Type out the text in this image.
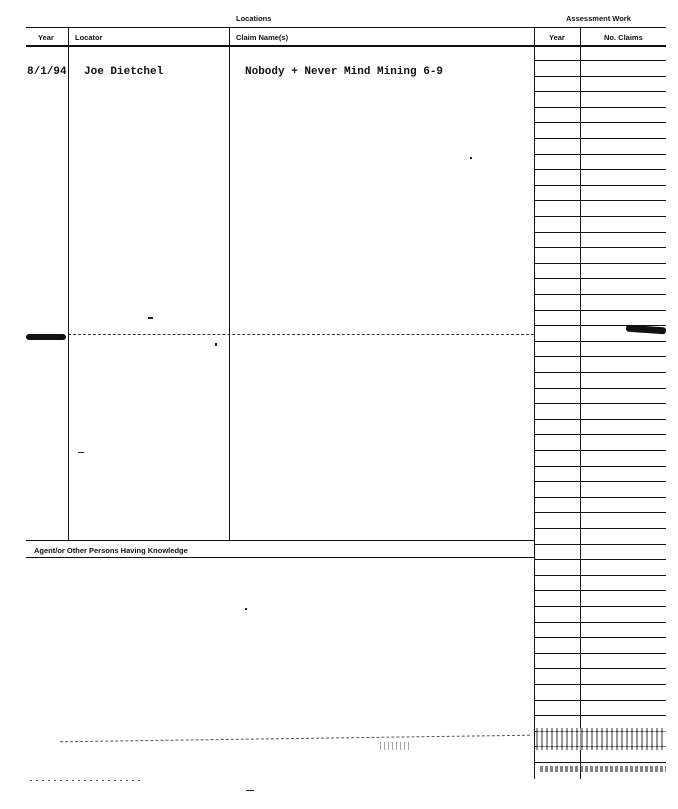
Locations	Assessment Work
Year	Locator	Claim Name(s)	Year	No. Claims
8/1/94 Joe Dietchel	Nobody + Never Mind Mining 6-9
Agent/or Other Persons Having Knowledge
